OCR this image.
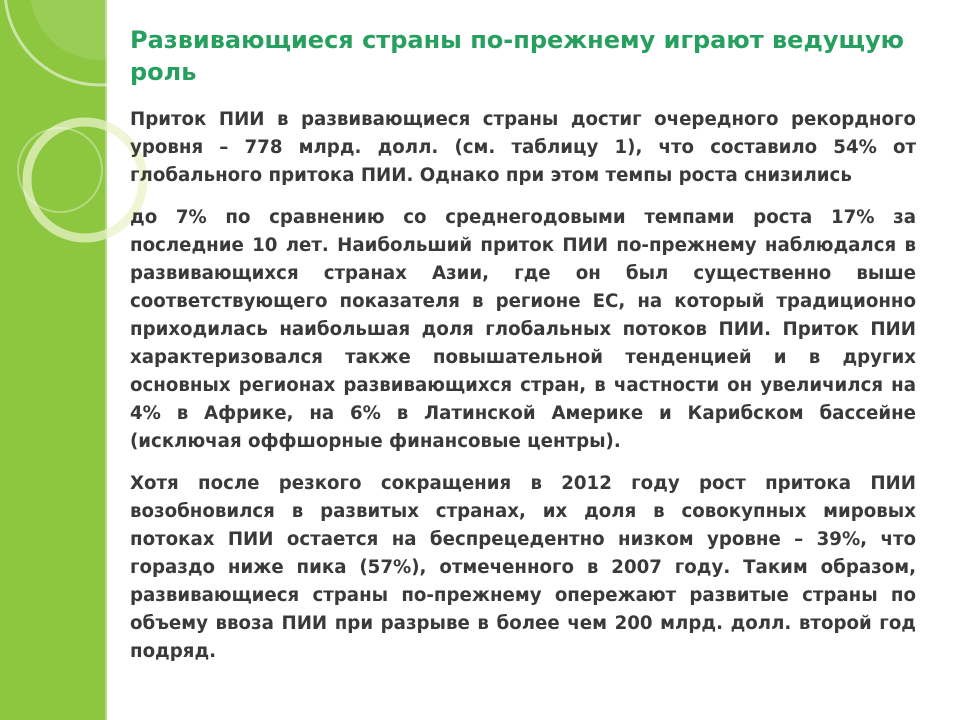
Развивающиеся страны по-прежнему играют ведущую роль

Приток ПИИ в развивающиеся страны достиг очередного рекордного уровня – 778 млрд. долл. (см. таблицу 1), что составило 54% от глобального притока ПИИ. Однако при этом темпы роста снизились

до 7% по сравнению со среднегодовыми темпами роста 17% за последние 10 лет. Наибольший приток ПИИ по-прежнему наблюдался в развивающихся странах Азии, где он был существенно выше соответствующего показателя в регионе ЕС, на который традиционно приходилась наибольшая доля глобальных потоков ПИИ. Приток ПИИ характеризовался также повышательной тенденцией и в других основных регионах развивающихся стран, в частности он увеличился на 4% в Африке, на 6% в Латинской Америке и Карибском бассейне (исключая оффшорные финансовые центры).

Хотя после резкого сокращения в 2012 году рост притока ПИИ возобновился в развитых странах, их доля в совокупных мировых потоках ПИИ остается на беспрецедентно низком уровне – 39%, что гораздо ниже пика (57%), отмеченного в 2007 году. Таким образом, развивающиеся страны по-прежнему опережают развитые страны по объему ввоза ПИИ при разрыве в более чем 200 млрд. долл. второй год подряд.
